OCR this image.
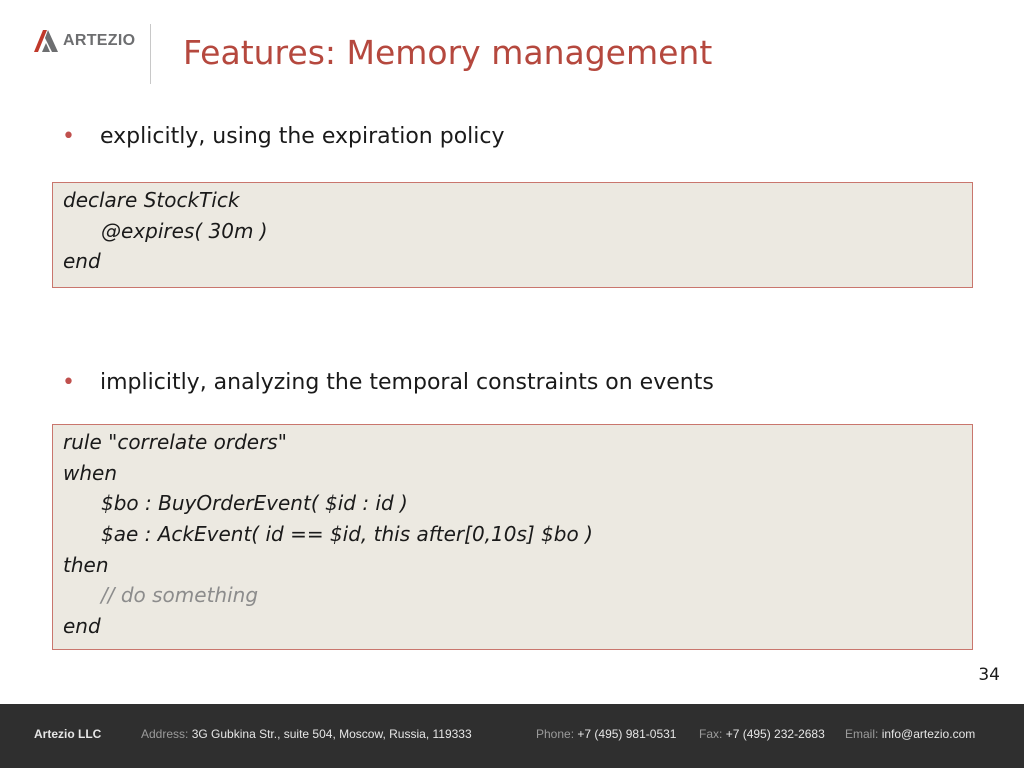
ARTEZIO Features: Memory management
•	explicitly, using the expiration policy
declare StockTick
@expires( 30m )
end
•	implicitly, analyzing the temporal constraints on events
rule "correlate orders"
when
$bo : BuyOrderEvent( $id : id )
$ae : AckEvent( id == $id, this after[0,10s] $bo )
then
// do something
end
34
Artezio LLC	Address: 3G Gubkina Str., suite 504, Moscow, Russia, 119333	Phone: +7 (495) 981-0531 Fax: +7 (495) 232-2683 Email: info@artezio.com
